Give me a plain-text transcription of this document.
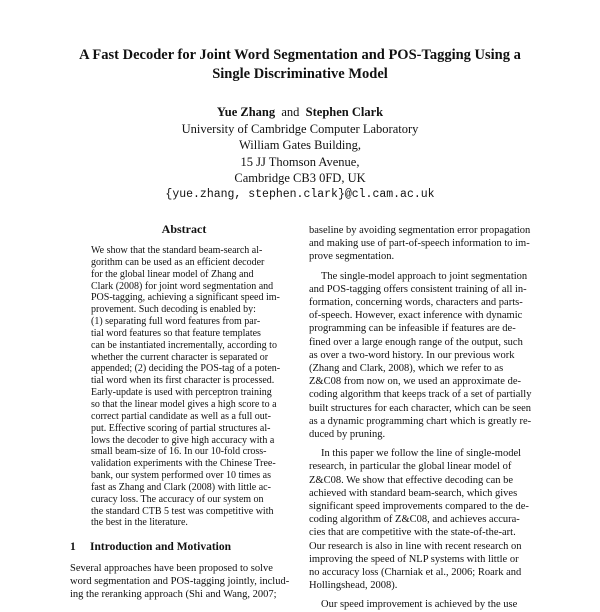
A Fast Decoder for Joint Word Segmentation and POS-Tagging Using a
Single Discriminative Model
Yue Zhang and Stephen Clark
University of Cambridge Computer Laboratory
William Gates Building,
15 JJ Thomson Avenue,
Cambridge CB3 0FD, UK
{yue.zhang, stephen.clark}@cl.cam.ac.uk
Abstract
We show that the standard beam-search al-
gorithm can be used as an efficient decoder
for the global linear model of Zhang and
Clark (2008) for joint word segmentation and
POS-tagging, achieving a significant speed im-
provement. Such decoding is enabled by:
(1) separating full word features from par-
tial word features so that feature templates
can be instantiated incrementally, according to
whether the current character is separated or
appended; (2) deciding the POS-tag of a poten-
tial word when its first character is processed.
Early-update is used with perceptron training
so that the linear model gives a high score to a
correct partial candidate as well as a full out-
put. Effective scoring of partial structures al-
lows the decoder to give high accuracy with a
small beam-size of 16. In our 10-fold cross-
validation experiments with the Chinese Tree-
bank, our system performed over 10 times as
fast as Zhang and Clark (2008) with little ac-
curacy loss. The accuracy of our system on
the standard CTB 5 test was competitive with
the best in the literature.
1 Introduction and Motivation
Several approaches have been proposed to solve
word segmentation and POS-tagging jointly, includ-
ing the reranking approach (Shi and Wang, 2007;
baseline by avoiding segmentation error propagation
and making use of part-of-speech information to im-
prove segmentation.
The single-model approach to joint segmentation
and POS-tagging offers consistent training of all in-
formation, concerning words, characters and parts-
of-speech. However, exact inference with dynamic
programming can be infeasible if features are de-
fined over a large enough range of the output, such
as over a two-word history. In our previous work
(Zhang and Clark, 2008), which we refer to as
Z&C08 from now on, we used an approximate de-
coding algorithm that keeps track of a set of partially
built structures for each character, which can be seen
as a dynamic programming chart which is greatly re-
duced by pruning.
In this paper we follow the line of single-model
research, in particular the global linear model of
Z&C08. We show that effective decoding can be
achieved with standard beam-search, which gives
significant speed improvements compared to the de-
coding algorithm of Z&C08, and achieves accura-
cies that are competitive with the state-of-the-art.
Our research is also in line with recent research on
improving the speed of NLP systems with little or
no accuracy loss (Charniak et al., 2006; Roark and
Hollingshead, 2008).
Our speed improvement is achieved by the use
